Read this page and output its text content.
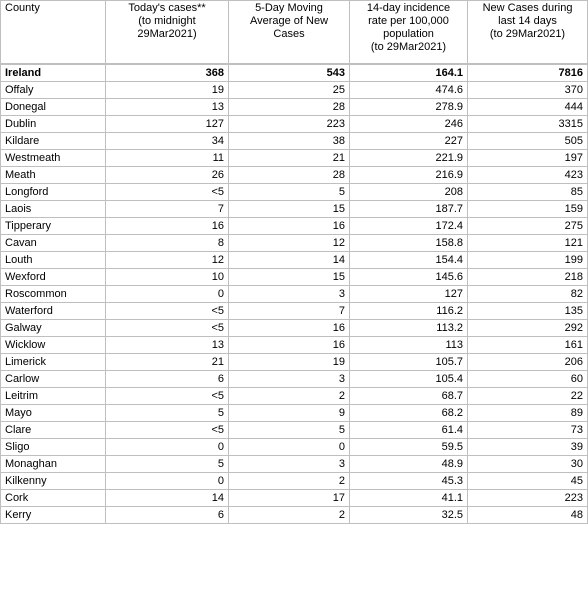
County	Today's cases**
(to midnight
29Mar2021)	5-Day Moving
Average of New
Cases	14-day incidence
rate per 100,000
population
(to 29Mar2021)	New Cases during
last 14 days
(to 29Mar2021)
Ireland	368	543	164.1	7816
Offaly	19	25	474.6	370
Donegal	13	28	278.9	444
Dublin	127	223	246	3315
Kildare	34	38	227	505
Westmeath	11	21	221.9	197
Meath	26	28	216.9	423
Longford	<5	5	208	85
Laois	7	15	187.7	159
Tipperary	16	16	172.4	275
Cavan	8	12	158.8	121
Louth	12	14	154.4	199
Wexford	10	15	145.6	218
Roscommon	0	3	127	82
Waterford	<5	7	116.2	135
Galway	<5	16	113.2	292
Wicklow	13	16	113	161
Limerick	21	19	105.7	206
Carlow	6	3	105.4	60
Leitrim	<5	2	68.7	22
Mayo	5	9	68.2	89
Clare	<5	5	61.4	73
Sligo	0	0	59.5	39
Monaghan	5	3	48.9	30
Kilkenny	0	2	45.3	45
Cork	14	17	41.1	223
Kerry	6	2	32.5	48
